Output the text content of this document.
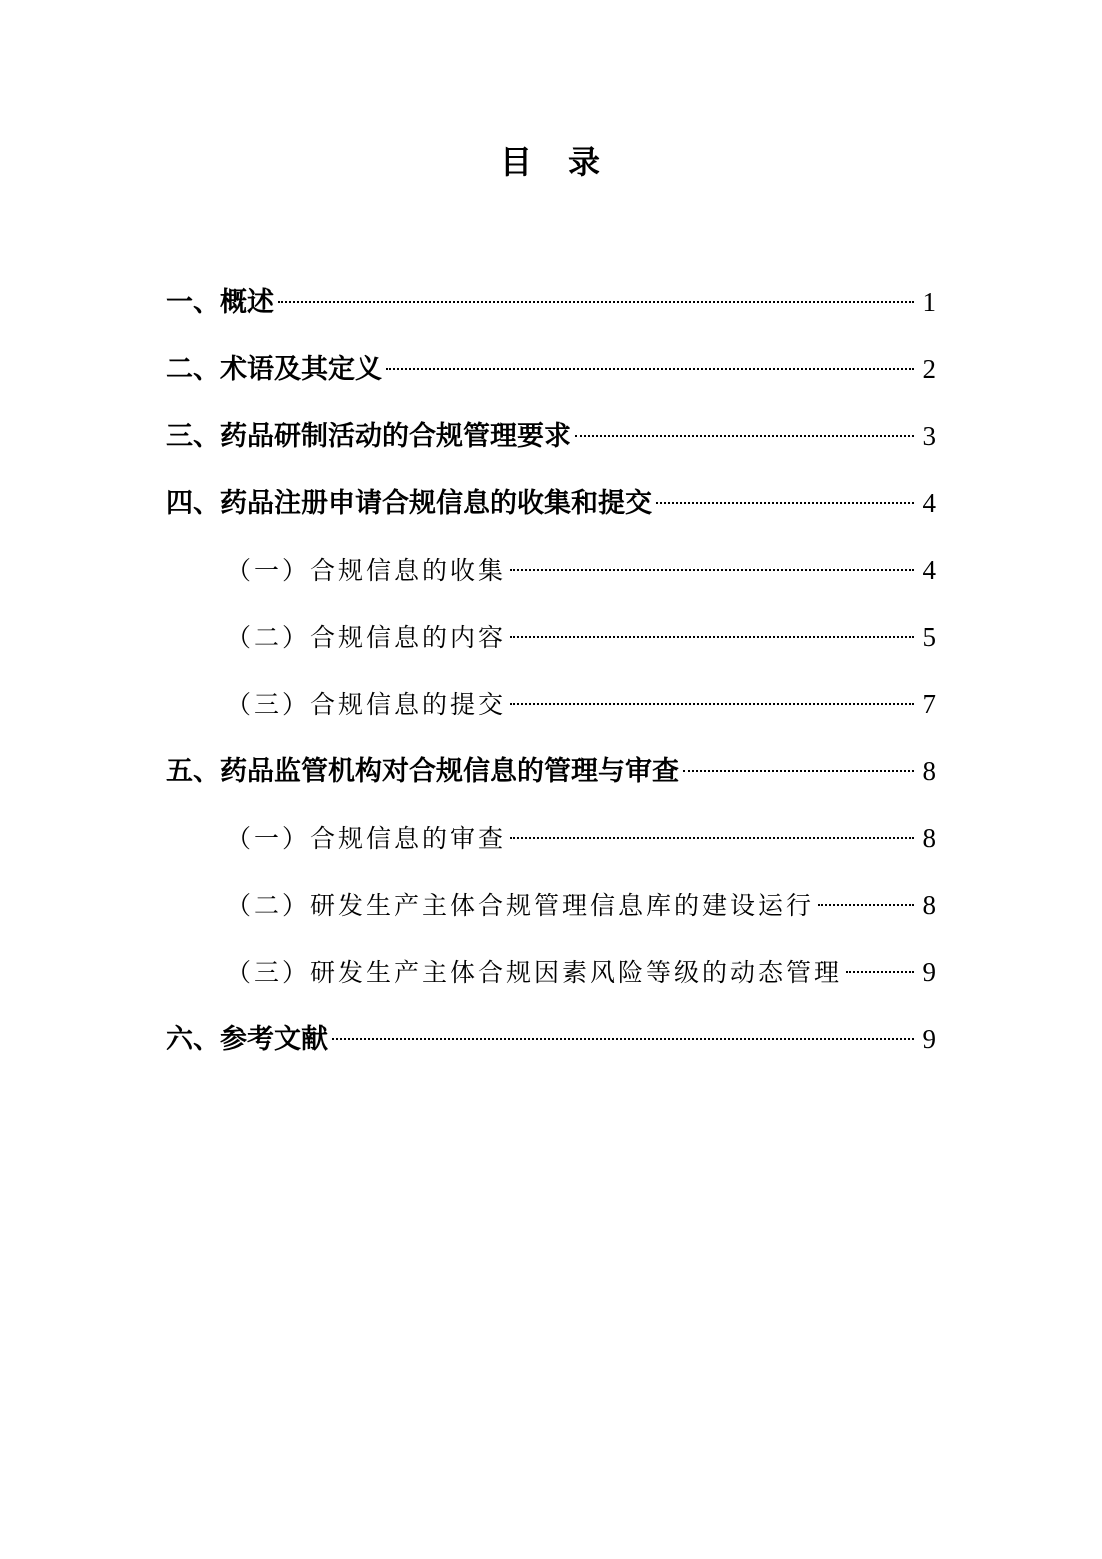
目　录
一、概述	1
二、术语及其定义	2
三、药品研制活动的合规管理要求	3
四、药品注册申请合规信息的收集和提交	4
（一）合规信息的收集	4
（二）合规信息的内容	5
（三）合规信息的提交	7
五、药品监管机构对合规信息的管理与审查	8
（一）合规信息的审查	8
（二）研发生产主体合规管理信息库的建设运行	8
（三）研发生产主体合规因素风险等级的动态管理	9
六、参考文献	9
